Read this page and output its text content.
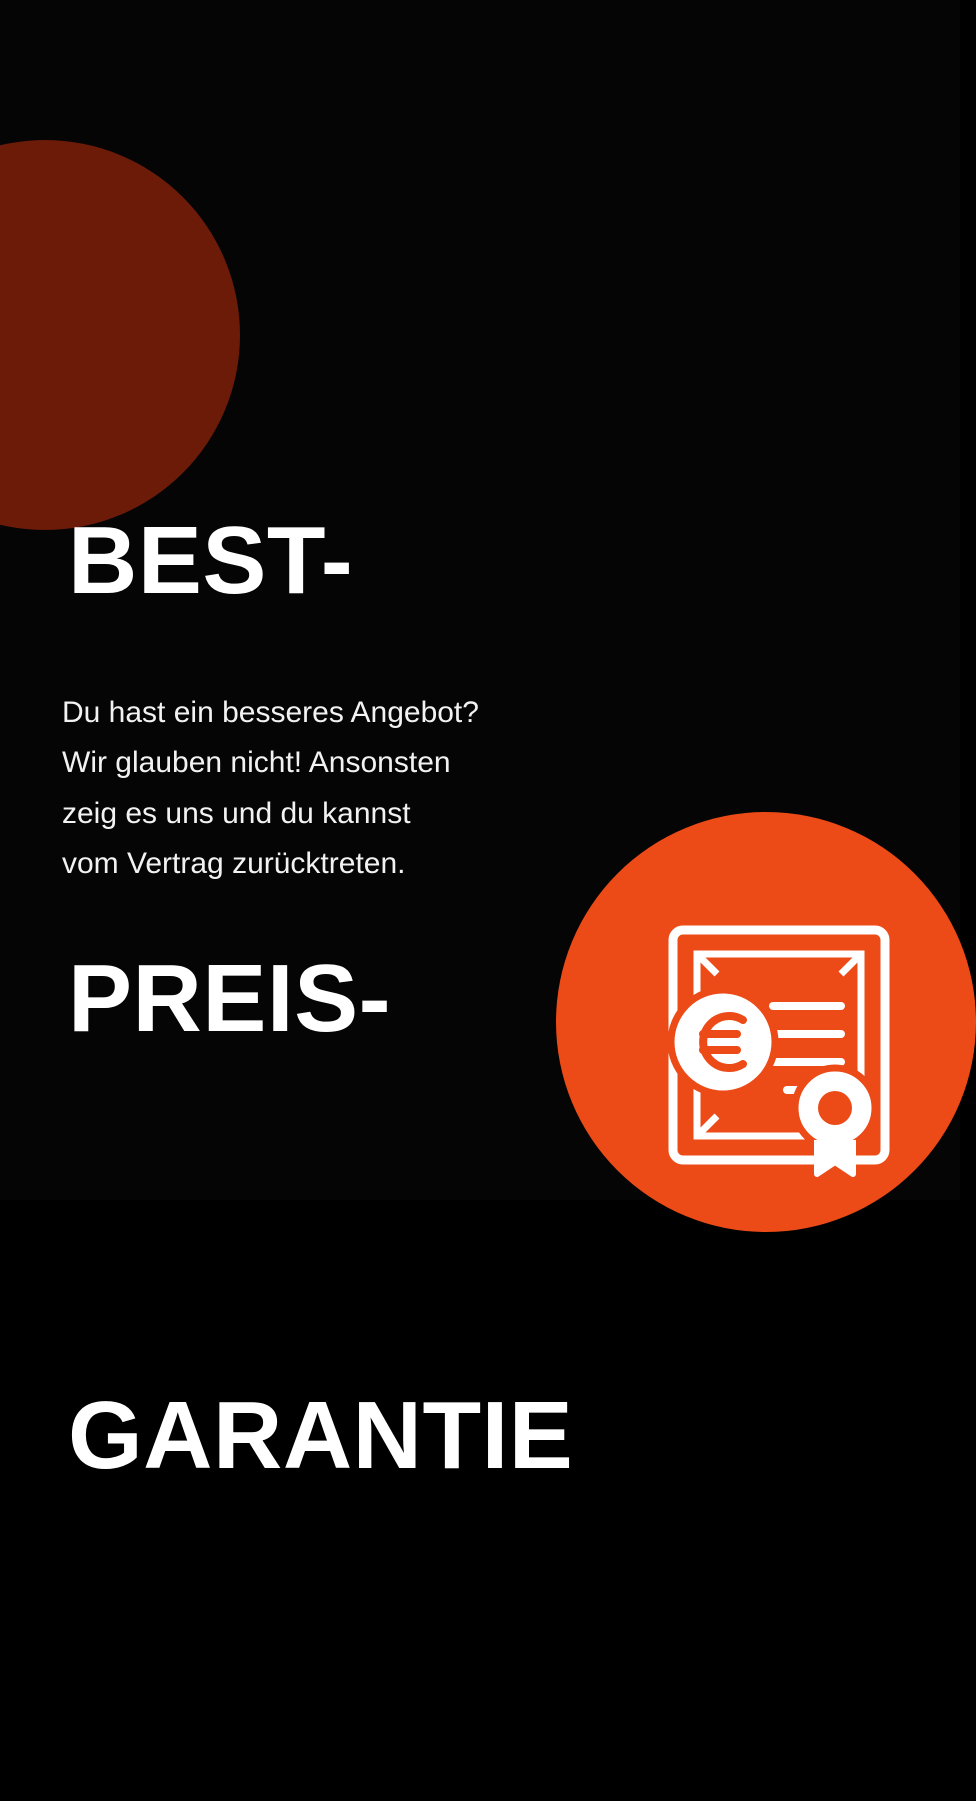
BEST-

PREIS-

GARANTIE

Du hast ein besseres Angebot?
Wir glauben nicht! Ansonsten
zeig es uns und du kannst
vom Vertrag zurücktreten.
